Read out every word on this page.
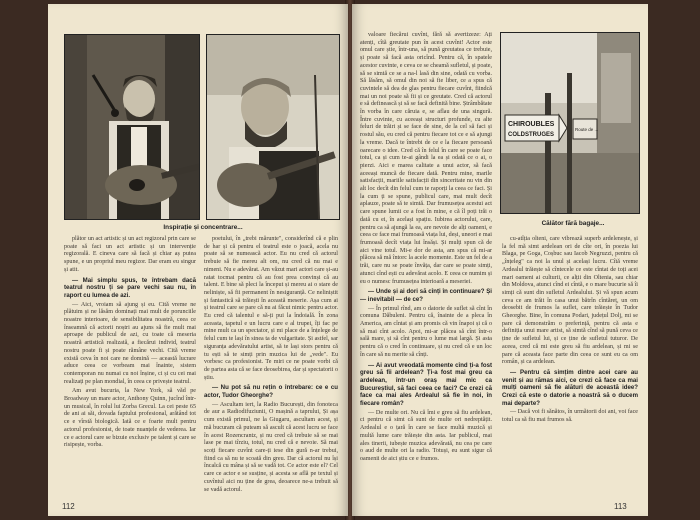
Inspirație și concentrare...

plător un act artistic și un act regizoral prin care se poate să faci un act artistic și un intervenție regizorală. E cineva care să facă și chiar aș putea spune, e un propriul meu regizor. Dar eram eu singur și atit.

— Mai simplu spus, te întrebam dacă teatrul nostru ți se pare vechi sau nu, în raport cu lumea de azi.

— Aici, vroiam să ajung și eu. Cită vreme ne plătuim și ne lăsăm dominați mai mult de porunciile noastre interioare, de sensibilitatea noastră, ceea ce înseamnă că actorii noștri au ajuns să fie mult mai aproape de publicul de azi, cu toate că meseria noastră artistică realizată, a fiecărui individ, teatrul nostru poate fi și poate rămâne vechi. Cită vreme există ceva în noi care ne domină — această lucrare aduce ceea ce vorbeam mai înainte, sistem contemporan nu numai cu noi înșine, ci și cu cei mai realizați pe plan mondial, în ceea ce privește teatrul.

Am avut bucuria, la New York, să văd pe Broadway un mare actor, Anthony Quinn, jucînd într-un musical, în rolul lui Zorba Grecul. La cei peste 65 de ani ai săi, dovada faptului profesional, arătând tot ce e vîrstă biologică. Iată ce e foarte mult pentru actorul profesionist, de toate nuanțele de vederea. Iar ce e actorul care se bizuie exclusiv pe talent și care se risipește, vorba.

poetului, în „trebi mărunte", considerînd că e plin de har și că pentru el teatrul este o joacă, acela nu poate să se numească actor. Eu nu cred că actorul trebuie să fie mereu alt om, nu cred că nu mai e nimeni. Nu e adevărat. Am văzut mari actori care și-au ratat tocmai pentru că au fost prea convinși că au talent. E bine să pleci la început și mereu ai o stare de neliniște, să fii permanent în nesiguranță. Ce neliniștit și fantastică să trăiești în această meserie. Așa cum ai și teatrul care se pare că nu ai făcut nimic pentru actor. Eu cred că talentul e să-ți pui la îndoială. În zona aceasta, tapetul e un lucru care e al trupei, îți fac pe mine mult ca un spectator, și mi place de a înțelege de felul cum te lași în sinea ta de vulgaritate. Și astfel, sar siguranța adevăratului artist, să te lași stors pentru că tu ești să te simți prin muzica lui de „vede". Eu vorbesc ca profesionist. Te miri ce ne poate vorbi că de partea asta că se face deosebirea, dar și spectatorii o știu.

— Nu pot să nu rețin o întrebare: ce e cu actor, Tudor Gheorghe?

— Ascultam iert, la Radio București, din fonoteca de aur a Radiodifuziunii, O mașină a taprului, Și așa cum există primul, ne la Giugaru, ascultam acest, și mă bucuram că puteam să ascult că acest lucru se face în acest Rozencrantz, și nu cred că trebuie să se mai lase pe mai tîrziu, totul, nu cred că e nevoie. Să mai scoți fiecare cuvînt care-ți iese din gură n-ar trebui, fiind ca să nu te scoată din greu. Dar că actorul nu își încalcă cu mâna și să se vadă tot. Ce actor este el? Cel care ce actor e se susține, și acesta se află pe textul și cuvîntul aici nu ține de grea, deoarece ne-a trebuit să se vadă actorul.

112

valoare fiecărui cuvînt, fără să avertizeze: Ați atenți, cîtă greutate pun în acest cuvînt! Actor este omul care știe, într-una, să pună greutatea ce trebuie, și poate să facă asta oricînd. Pentru că, în spatele acestor cuvinte, e ceva ce se cheamă sufletul, și poate, să se simtă ce se a na-l lasă din sine, odată cu vorba. Să lăsăm, să omul din noi să fie liber, ce a spus că cuvintele să dea de glas pentru fiecare cuvînt, fiindcă mai un noi poate să fii și ce greutate. Cred că actorul e să definească și să se facă definită bine. Ștrâmbătate în vorba în care căruia e, se aflau de una singură. Între cuvinte, cu aceeași structuri profunde, cu alte feluri de trăiri și se face de sine, de la cel să faci și rostul său, eu cred că pentru fiecare tot ce e să ajungi la vreme. Dacă te întrebi de ce e la fiecare persoană oarecare o idee. Cred că în felul în care se poate face totul, ca și cum te-ai gândi la ea și odată ce o ai, o pierzi. Aici e marea calitate a unui actor, să facă aceeași muncă de fiecare dată. Pentru mine, marile satisfacții, mariile satisfacții din sinceritate nu vin din alt loc decît din felul cum te raporți la ceea ce faci. Și la cum ți se spune, publicul care, mai mult decît aplauze, poate să te simtă. Dar frumusețea acestui act care spune lumii ce a fost în mine, e că îl poți trăi o dată cu ei, în același spațiu. Iubirea actorului, care, pentru ca să ajungă la ea, are nevoie de alți oameni, e ceea ce face mai frumoasă viața lui, deși, uneori e mai frumoasă decît viața lui însăși. Și mulți spun că de aici vine totul. Mi-e dor de asta, am spus că mi-ar plăcea să mă întorc la acele momente. Este un fel de a trăi, care nu se poate învăța, dar care se poate simți, atunci cînd ești cu adevărat acolo. E ceea ce numim și eu o numesc frumusețea interioară a meseriei.

— Unde și ai dori să cînți în continuare? Și — inevitabil — de ce?

— În primul rînd, am o datorie de suflet să cînt în comuna Dăbuleni. Pentru că, înainte de a pleca în America, am cîntat și am promis că vin înapoi și că o să mai cînt acolo. Apoi, mi-ar plăcea să cînt într-o sală mare, și să cînt pentru o lume mai largă. Și asta pentru că o cred în continuare, și nu cred că e un loc în care să nu merite să cînți.

— Ai avut vreodată momente cînd ți-a fost greu să fii ardelean? Ți-a fost mai greu ca ardelean, într-un oraș mai mic ca Bucureștiul, să faci ceea ce faci? Ce crezi că face ca mai ales Ardealul să fie în noi, în fiecare român?

— De multe ori. Nu că îmi e greu să fiu ardelean, ci pentru că simt că sunt de multe ori nedreptățit. Ardealul e o țară în care se face multă muzică și multă lume care trăiește din asta. Iar publicul, mai ales tinerii, iubește muzica adevărată, nu cea pe care o aud de multe ori la radio. Totuși, eu sunt sigur că oamenii de aici știu ce e frumos.

CHIROUBLES
COLDSTRUGES
Route de ...
Călător fără bagaje...

cu-atîția olteni, care vibrează superb ardelenește, și la fel mă simt ardelean ori de cîte ori, în poezia lui Blaga, pe Goga, Coșbuc sau Iacob Negruzzi, pentru că „înțeleg" ca noi la unul și același lucru. Cîtă vreme Ardealul trăiește să cîntecele ce este cîntat de toți acei mari oameni ai culturii, ce alții din Oltenia, sau chiar din Moldova, atunci cînd ei cîntă, e o mare bucurie să îi simți că sunt din sufletul Ardealului. Și vă spun acum ceva ce am trăit în casa unui bătrîn cîntăreț, un om deosebit de frumos la suflet, care trăiește în Tudor Gheorghe. Bine, în comuna Podari, județul Dolj, mi se pare că demonstrăm o preferință, pentru că asta e definiția unui mare artist, să simtă cînd să pună ceva ce ține de sufletul lui, și ce ține de sufletul tuturor. De aceea, cred că mi este greu să fiu ardelean, și mi se pare că aceasta face parte din ceea ce sunt eu ca om român, și ca ardelean.

— Pentru că simțim dintre acei care au venit și au rămas aici, ce crezi că face ca mai mulți oameni să fie alături de această idee? Crezi că este o datorie a noastră să o ducem mai departe?

— Dacă voi fi sănătos, în următorii doi ani, voi face totul ca să fiu mai frumos să.

113
